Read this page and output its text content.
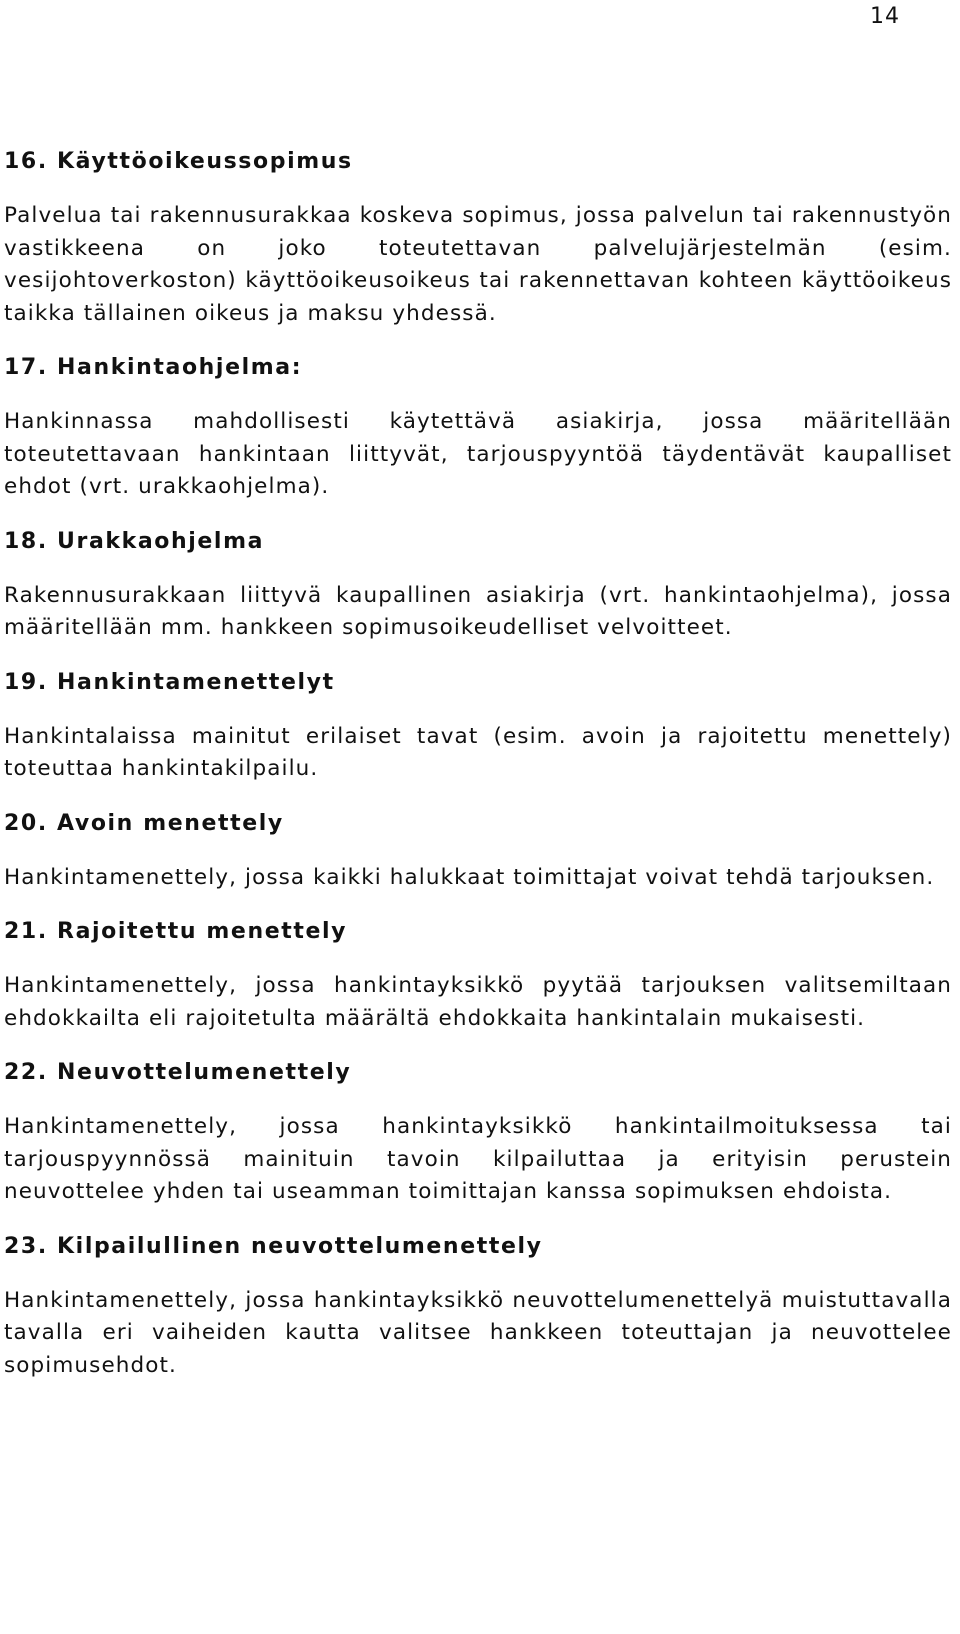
14
16. Käyttöoikeussopimus

Palvelua tai rakennusurakkaa koskeva sopimus, jossa palvelun tai rakennustyön vastikkeena on joko toteutettavan palvelujärjestelmän (esim. vesijohtoverkoston) käyttöoikeusoikeus tai rakennettavan kohteen käyttöoikeus taikka tällainen oikeus ja maksu yhdessä.

17. Hankintaohjelma:

Hankinnassa mahdollisesti käytettävä asiakirja, jossa määritellään toteutettavaan hankintaan liittyvät, tarjouspyyntöä täydentävät kaupalliset ehdot (vrt. urakkaohjelma).

18. Urakkaohjelma

Rakennusurakkaan liittyvä kaupallinen asiakirja (vrt. hankintaohjelma), jossa määritellään mm. hankkeen sopimusoikeudelliset velvoitteet.

19. Hankintamenettelyt

Hankintalaissa mainitut erilaiset tavat (esim. avoin ja rajoitettu menettely) toteuttaa hankintakilpailu.

20. Avoin menettely

Hankintamenettely, jossa kaikki halukkaat toimittajat voivat tehdä tarjouksen.

21. Rajoitettu menettely

Hankintamenettely, jossa hankintayksikkö pyytää tarjouksen valitsemiltaan ehdokkailta eli rajoitetulta määrältä ehdokkaita hankintalain mukaisesti.

22. Neuvottelumenettely

Hankintamenettely, jossa hankintayksikkö hankintailmoituksessa tai tarjouspyynnössä mainituin tavoin kilpailuttaa ja erityisin perustein neuvottelee yhden tai useamman toimittajan kanssa sopimuksen ehdoista.

23. Kilpailullinen neuvottelumenettely

Hankintamenettely, jossa hankintayksikkö neuvottelumenettelyä muistuttavalla tavalla eri vaiheiden kautta valitsee hankkeen toteuttajan ja neuvottelee sopimusehdot.
